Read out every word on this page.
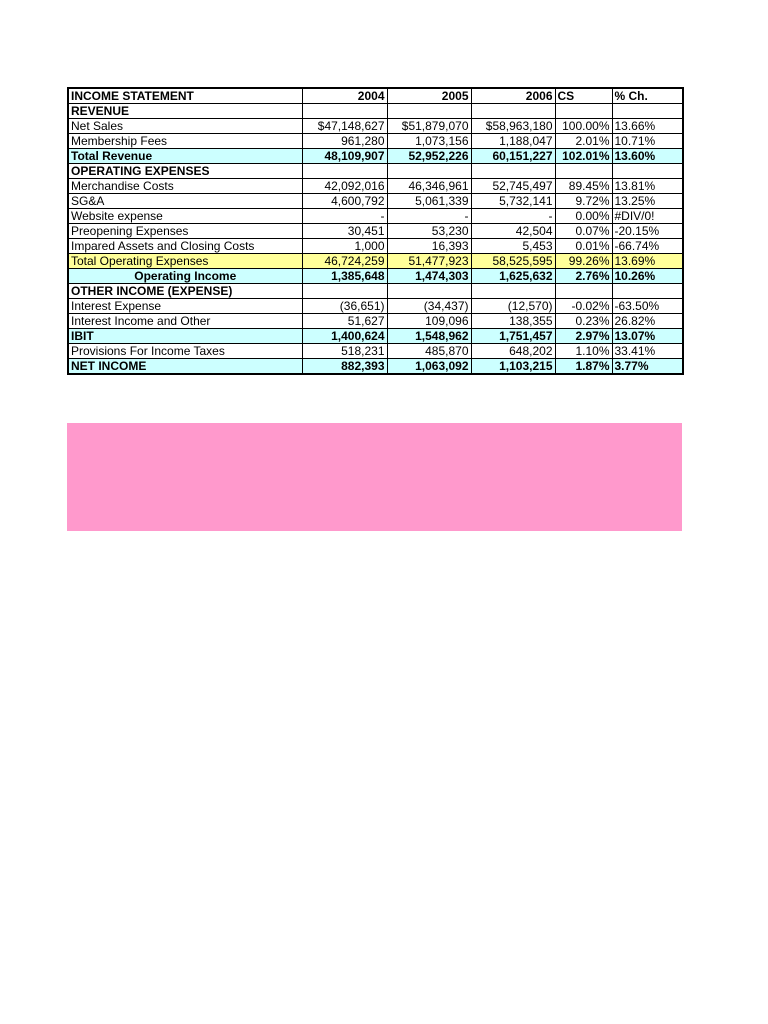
INCOME STATEMENT	2004	2005	2006	CS	% Ch.
REVENUE					
Net Sales	$47,148,627	$51,879,070	$58,963,180	100.00%	13.66%
Membership Fees	961,280	1,073,156	1,188,047	2.01%	10.71%
Total Revenue	48,109,907	52,952,226	60,151,227	102.01%	13.60%
OPERATING EXPENSES					
Merchandise Costs	42,092,016	46,346,961	52,745,497	89.45%	13.81%
SG&A	4,600,792	5,061,339	5,732,141	9.72%	13.25%
Website expense	-	-	-	0.00%	#DIV/0!
Preopening Expenses	30,451	53,230	42,504	0.07%	-20.15%
Impared Assets and Closing Costs	1,000	16,393	5,453	0.01%	-66.74%
Total Operating Expenses	46,724,259	51,477,923	58,525,595	99.26%	13.69%
Operating Income	1,385,648	1,474,303	1,625,632	2.76%	10.26%
OTHER INCOME (EXPENSE)					
Interest Expense	(36,651)	(34,437)	(12,570)	-0.02%	-63.50%
Interest Income and Other	51,627	109,096	138,355	0.23%	26.82%
IBIT	1,400,624	1,548,962	1,751,457	2.97%	13.07%
Provisions For Income Taxes	518,231	485,870	648,202	1.10%	33.41%
NET INCOME	882,393	1,063,092	1,103,215	1.87%	3.77%
